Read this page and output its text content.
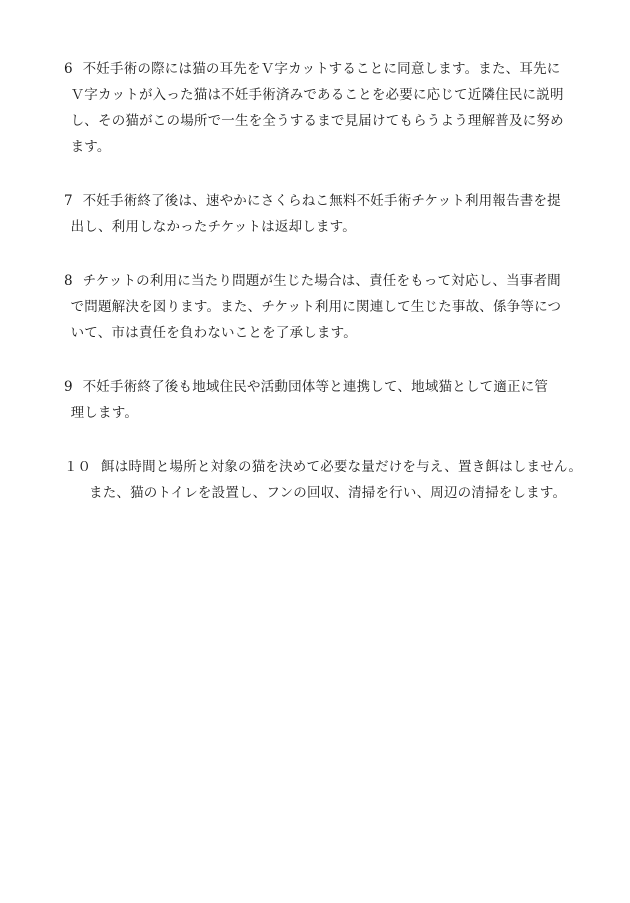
6 不妊手術の際には猫の耳先をＶ字カットすることに同意します。また、耳先に
Ｖ字カットが入った猫は不妊手術済みであることを必要に応じて近隣住民に説明
し、その猫がこの場所で一生を全うするまで見届けてもらうよう理解普及に努め
ます。
7 不妊手術終了後は、速やかにさくらねこ無料不妊手術チケット利用報告書を提
出し、利用しなかったチケットは返却します。
8 チケットの利用に当たり問題が生じた場合は、責任をもって対応し、当事者間
で問題解決を図ります。また、チケット利用に関連して生じた事故、係争等につ
いて、市は責任を負わないことを了承します。
9 不妊手術終了後も地域住民や活動団体等と連携して、地域猫として適正に管
理します。
１０ 餌は時間と場所と対象の猫を決めて必要な量だけを与え、置き餌はしません。
また、猫のトイレを設置し、フンの回収、清掃を行い、周辺の清掃をします。
